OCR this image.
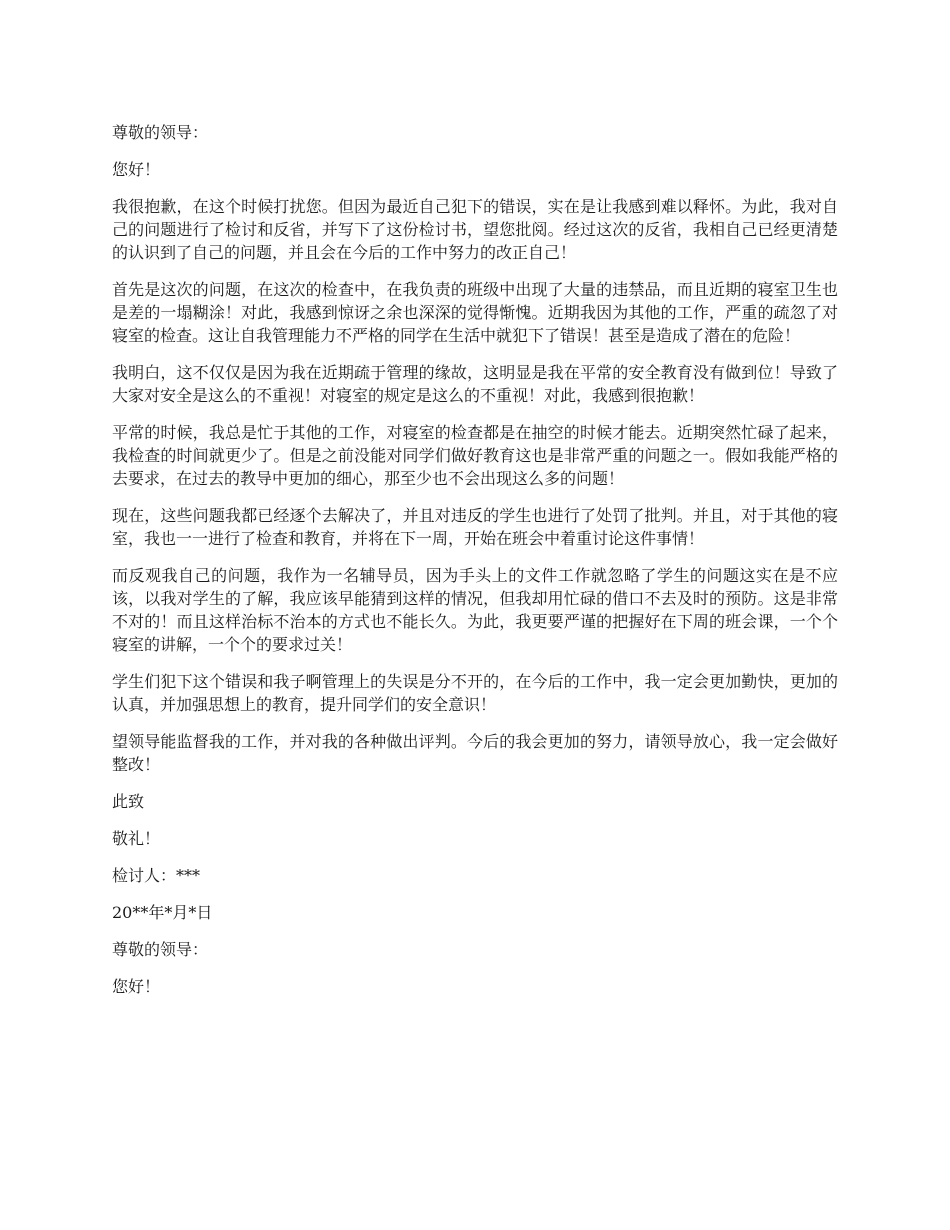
尊敬的领导：

您好！

我很抱歉，在这个时候打扰您。但因为最近自己犯下的错误，实在是让我感到难以释怀。为此，我对自己的问题进行了检讨和反省，并写下了这份检讨书，望您批阅。经过这次的反省，我相自己已经更清楚的认识到了自己的问题，并且会在今后的工作中努力的改正自己！

首先是这次的问题，在这次的检查中，在我负责的班级中出现了大量的违禁品，而且近期的寝室卫生也是差的一塌糊涂！对此，我感到惊讶之余也深深的觉得惭愧。近期我因为其他的工作，严重的疏忽了对寝室的检查。这让自我管理能力不严格的同学在生活中就犯下了错误！甚至是造成了潜在的危险！

我明白，这不仅仅是因为我在近期疏于管理的缘故，这明显是我在平常的安全教育没有做到位！导致了大家对安全是这么的不重视！对寝室的规定是这么的不重视！对此，我感到很抱歉！

平常的时候，我总是忙于其他的工作，对寝室的检查都是在抽空的时候才能去。近期突然忙碌了起来，我检查的时间就更少了。但是之前没能对同学们做好教育这也是非常严重的问题之一。假如我能严格的去要求，在过去的教导中更加的细心，那至少也不会出现这么多的问题！

现在，这些问题我都已经逐个去解决了，并且对违反的学生也进行了处罚了批判。并且，对于其他的寝室，我也一一进行了检查和教育，并将在下一周，开始在班会中着重讨论这件事情！

而反观我自己的问题，我作为一名辅导员，因为手头上的文件工作就忽略了学生的问题这实在是不应该，以我对学生的了解，我应该早能猜到这样的情况，但我却用忙碌的借口不去及时的预防。这是非常不对的！而且这样治标不治本的方式也不能长久。为此，我更要严谨的把握好在下周的班会课，一个个寝室的讲解，一个个的要求过关！

学生们犯下这个错误和我子啊管理上的失误是分不开的，在今后的工作中，我一定会更加勤快，更加的认真，并加强思想上的教育，提升同学们的安全意识！

望领导能监督我的工作，并对我的各种做出评判。今后的我会更加的努力，请领导放心，我一定会做好整改！

此致

敬礼！

检讨人：***

20**年*月*日

尊敬的领导：

您好！
